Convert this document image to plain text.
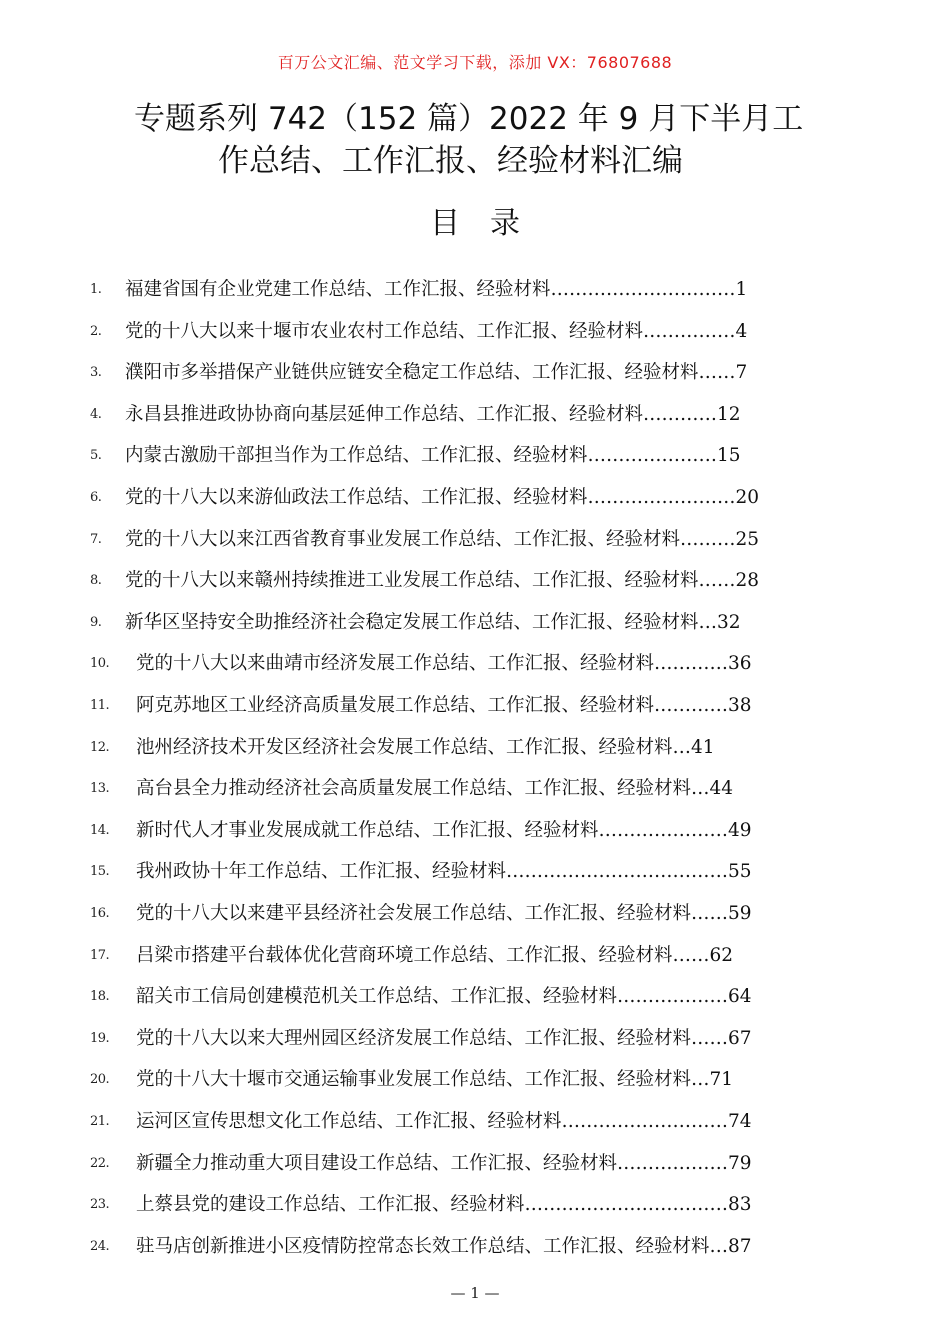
百万公文汇编、范文学习下载，添加 VX：76807688
专题系列 742（152 篇）2022 年 9 月下半月工
作总结、工作汇报、经验材料汇编
目录
1.	福建省国有企业党建工作总结、工作汇报、经验材料…………………………1
2.	党的十八大以来十堰市农业农村工作总结、工作汇报、经验材料……………4
3.	濮阳市多举措保产业链供应链安全稳定工作总结、工作汇报、经验材料……7
4.	永昌县推进政协协商向基层延伸工作总结、工作汇报、经验材料…………12
5.	内蒙古激励干部担当作为工作总结、工作汇报、经验材料…………………15
6.	党的十八大以来游仙政法工作总结、工作汇报、经验材料……………………20
7.	党的十八大以来江西省教育事业发展工作总结、工作汇报、经验材料………25
8.	党的十八大以来赣州持续推进工业发展工作总结、工作汇报、经验材料……28
9.	新华区坚持安全助推经济社会稳定发展工作总结、工作汇报、经验材料…32
10.	党的十八大以来曲靖市经济发展工作总结、工作汇报、经验材料…………36
11.	阿克苏地区工业经济高质量发展工作总结、工作汇报、经验材料…………38
12.	池州经济技术开发区经济社会发展工作总结、工作汇报、经验材料…41
13.	高台县全力推动经济社会高质量发展工作总结、工作汇报、经验材料…44
14.	新时代人才事业发展成就工作总结、工作汇报、经验材料…………………49
15.	我州政协十年工作总结、工作汇报、经验材料………………………………55
16.	党的十八大以来建平县经济社会发展工作总结、工作汇报、经验材料……59
17.	吕梁市搭建平台载体优化营商环境工作总结、工作汇报、经验材料……62
18.	韶关市工信局创建模范机关工作总结、工作汇报、经验材料………………64
19.	党的十八大以来大理州园区经济发展工作总结、工作汇报、经验材料……67
20.	党的十八大十堰市交通运输事业发展工作总结、工作汇报、经验材料…71
21.	运河区宣传思想文化工作总结、工作汇报、经验材料………………………74
22.	新疆全力推动重大项目建设工作总结、工作汇报、经验材料………………79
23.	上蔡县党的建设工作总结、工作汇报、经验材料……………………………83
24.	驻马店创新推进小区疫情防控常态长效工作总结、工作汇报、经验材料…87
— 1 —
